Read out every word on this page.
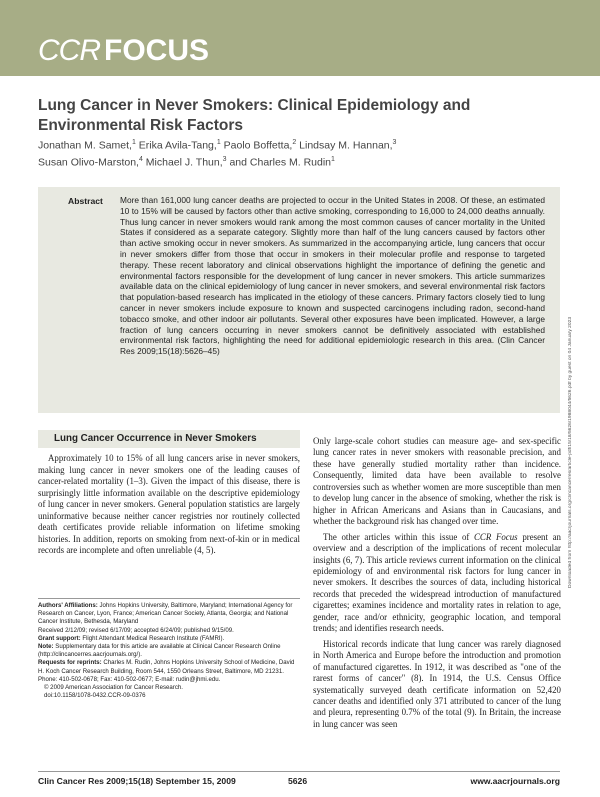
CCR FOCUS
Lung Cancer in Never Smokers: Clinical Epidemiology and Environmental Risk Factors
Jonathan M. Samet,$^1$ Erika Avila-Tang,$^1$ Paolo Boffetta,$^2$ Lindsay M. Hannan,$^3$
Susan Olivo-Marston,$^4$ Michael J. Thun,$^3$ and Charles M. Rudin$^1$
Abstract More than 161,000 lung cancer deaths are projected to occur in the United States in 2008. Of these, an estimated 10 to 15% will be caused by factors other than active smoking, corresponding to 16,000 to 24,000 deaths annually. Thus lung cancer in never smokers would rank among the most common causes of cancer mortality in the United States if considered as a separate category. Slightly more than half of the lung cancers caused by factors other than active smoking occur in never smokers. As summarized in the accompanying article, lung cancers that occur in never smokers differ from those that occur in smokers in their molecular profile and response to targeted therapy. These recent laboratory and clinical observations highlight the importance of defining the genetic and environmental factors responsible for the development of lung cancer in never smokers. This article summarizes available data on the clinical epidemiology of lung cancer in never smokers, and several environmental risk factors that population-based research has implicated in the etiology of these cancers. Primary factors closely tied to lung cancer in never smokers include exposure to known and suspected carcinogens including radon, second-hand tobacco smoke, and other indoor air pollutants. Several other exposures have been implicated. However, a large fraction of lung cancers occurring in never smokers cannot be definitively associated with established environmental risk factors, highlighting the need for additional epidemiologic research in this area. (Clin Cancer Res 2009;15(18):5626–45)	Downloaded from http://aacrjournals.org/clincancerres/article-pdf/15/18/5626/1988044/5626.pdf by guest on 04 January 2023
Lung Cancer Occurrence in Never Smokers

Approximately 10 to 15% of all lung cancers arise in never smokers, making lung cancer in never smokers one of the leading causes of cancer-related mortality (1–3). Given the impact of this disease, there is surprisingly little information available on the descriptive epidemiology of lung cancer in never smokers. General population statistics are largely uninformative because neither cancer registries nor routinely collected death certificates provide reliable information on lifetime smoking histories. In addition, reports on smoking from next-of-kin or in medical records are incomplete and often unreliable (4, 5).

Authors' Affiliations: Johns Hopkins University, Baltimore, Maryland; International Agency for Research on Cancer, Lyon, France; American Cancer Society, Atlanta, Georgia; and National Cancer Institute, Bethesda, Maryland
Received 2/12/09; revised 6/17/09; accepted 6/24/09; published 9/15/09.
Grant support: Flight Attendant Medical Research Institute (FAMRI).
Note: Supplementary data for this article are available at Clinical Cancer Research Online (http://clincancerres.aacrjournals.org/).
Requests for reprints: Charles M. Rudin, Johns Hopkins University School of Medicine, David H. Koch Cancer Research Building, Room 544, 1550 Orleans Street, Baltimore, MD 21231. Phone: 410-502-0678; Fax: 410-502-0677; E-mail: rudin@jhmi.edu.
© 2009 American Association for Cancer Research.
doi:10.1158/1078-0432.CCR-09-0376

Only large-scale cohort studies can measure age- and sex-specific lung cancer rates in never smokers with reasonable precision, and these have generally studied mortality rather than incidence. Consequently, limited data have been available to resolve controversies such as whether women are more susceptible than men to develop lung cancer in the absence of smoking, whether the risk is higher in African Americans and Asians than in Caucasians, and whether the background risk has changed over time.

The other articles within this issue of CCR Focus present an overview and a description of the implications of recent molecular insights (6, 7). This article reviews current information on the clinical epidemiology of and environmental risk factors for lung cancer in never smokers. It describes the sources of data, including historical records that preceded the widespread introduction of manufactured cigarettes; examines incidence and mortality rates in relation to age, gender, race and/or ethnicity, geographic location, and temporal trends; and identifies research needs.

Historical records indicate that lung cancer was rarely diagnosed in North America and Europe before the introduction and promotion of manufactured cigarettes. In 1912, it was described as "one of the rarest forms of cancer" (8). In 1914, the U.S. Census Office systematically surveyed death certificate information on 52,420 cancer deaths and identified only 371 attributed to cancer of the lung and pleura, representing 0.7% of the total (9). In Britain, the increase in lung cancer was seen

Clin Cancer Res 2009;15(18) September 15, 2009	5626	www.aacrjournals.org
